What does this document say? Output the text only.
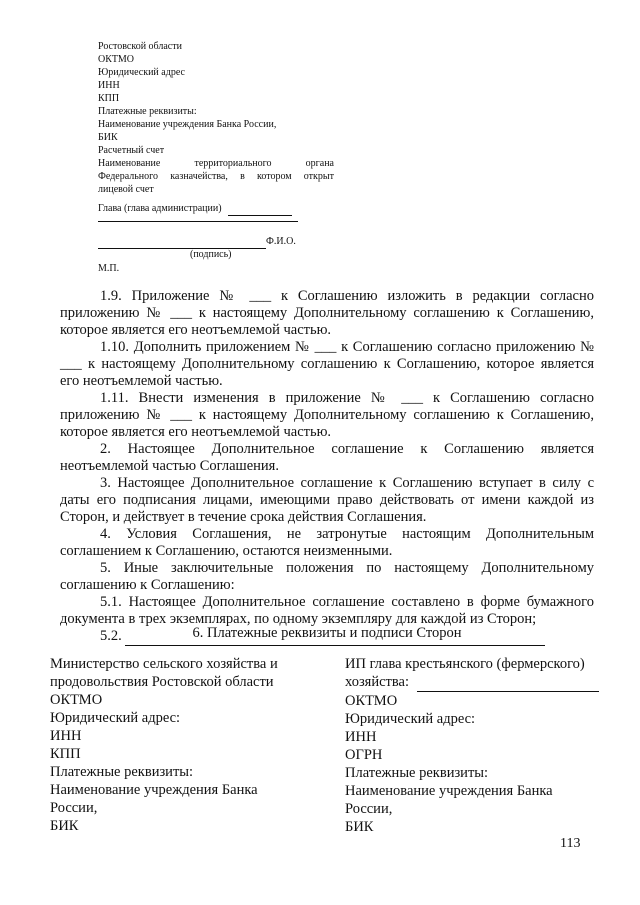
Ростовской области
ОКТМО
Юридический адрес
ИНН
КПП
Платежные реквизиты:
Наименование учреждения Банка России,
БИК
Расчетный счет
Наименование территориального органа
Федерального казначейства, в котором открыт
лицевой счет
Глава (глава администрации)
Ф.И.О.
(подпись)
М.П.

1.9. Приложение № ___ к Соглашению изложить в редакции согласно приложению № ___ к настоящему Дополнительному соглашению к Соглашению, которое является его неотъемлемой частью.

1.10. Дополнить приложением № ___ к Соглашению согласно приложению № ___ к настоящему Дополнительному соглашению к Соглашению, которое является его неотъемлемой частью.

1.11. Внести изменения в приложение № ___ к Соглашению согласно приложению № ___ к настоящему Дополнительному соглашению к Соглашению, которое является его неотъемлемой частью.

2. Настоящее Дополнительное соглашение к Соглашению является неотъемлемой частью Соглашения.

3. Настоящее Дополнительное соглашение к Соглашению вступает в силу с даты его подписания лицами, имеющими право действовать от имени каждой из Сторон, и действует в течение срока действия Соглашения.

4. Условия Соглашения, не затронутые настоящим Дополнительным соглашением к Соглашению, остаются неизменными.

5. Иные заключительные положения по настоящему Дополнительному соглашению к Соглашению:

5.1. Настоящее Дополнительное соглашение составлено в форме бумажного документа в трех экземплярах, по одному экземпляру для каждой из Сторон;

5.2.	6. Платежные реквизиты и подписи Сторон
Министерство сельского хозяйства и
продовольствия Ростовской области
ОКТМО
Юридический адрес:
ИНН
КПП
Платежные реквизиты:
Наименование учреждения Банка
России,
БИК
ИП глава крестьянского (фермерского)
хозяйства:
ОКТМО
Юридический адрес:
ИНН
ОГРН
Платежные реквизиты:
Наименование учреждения Банка
России,
БИК
113
